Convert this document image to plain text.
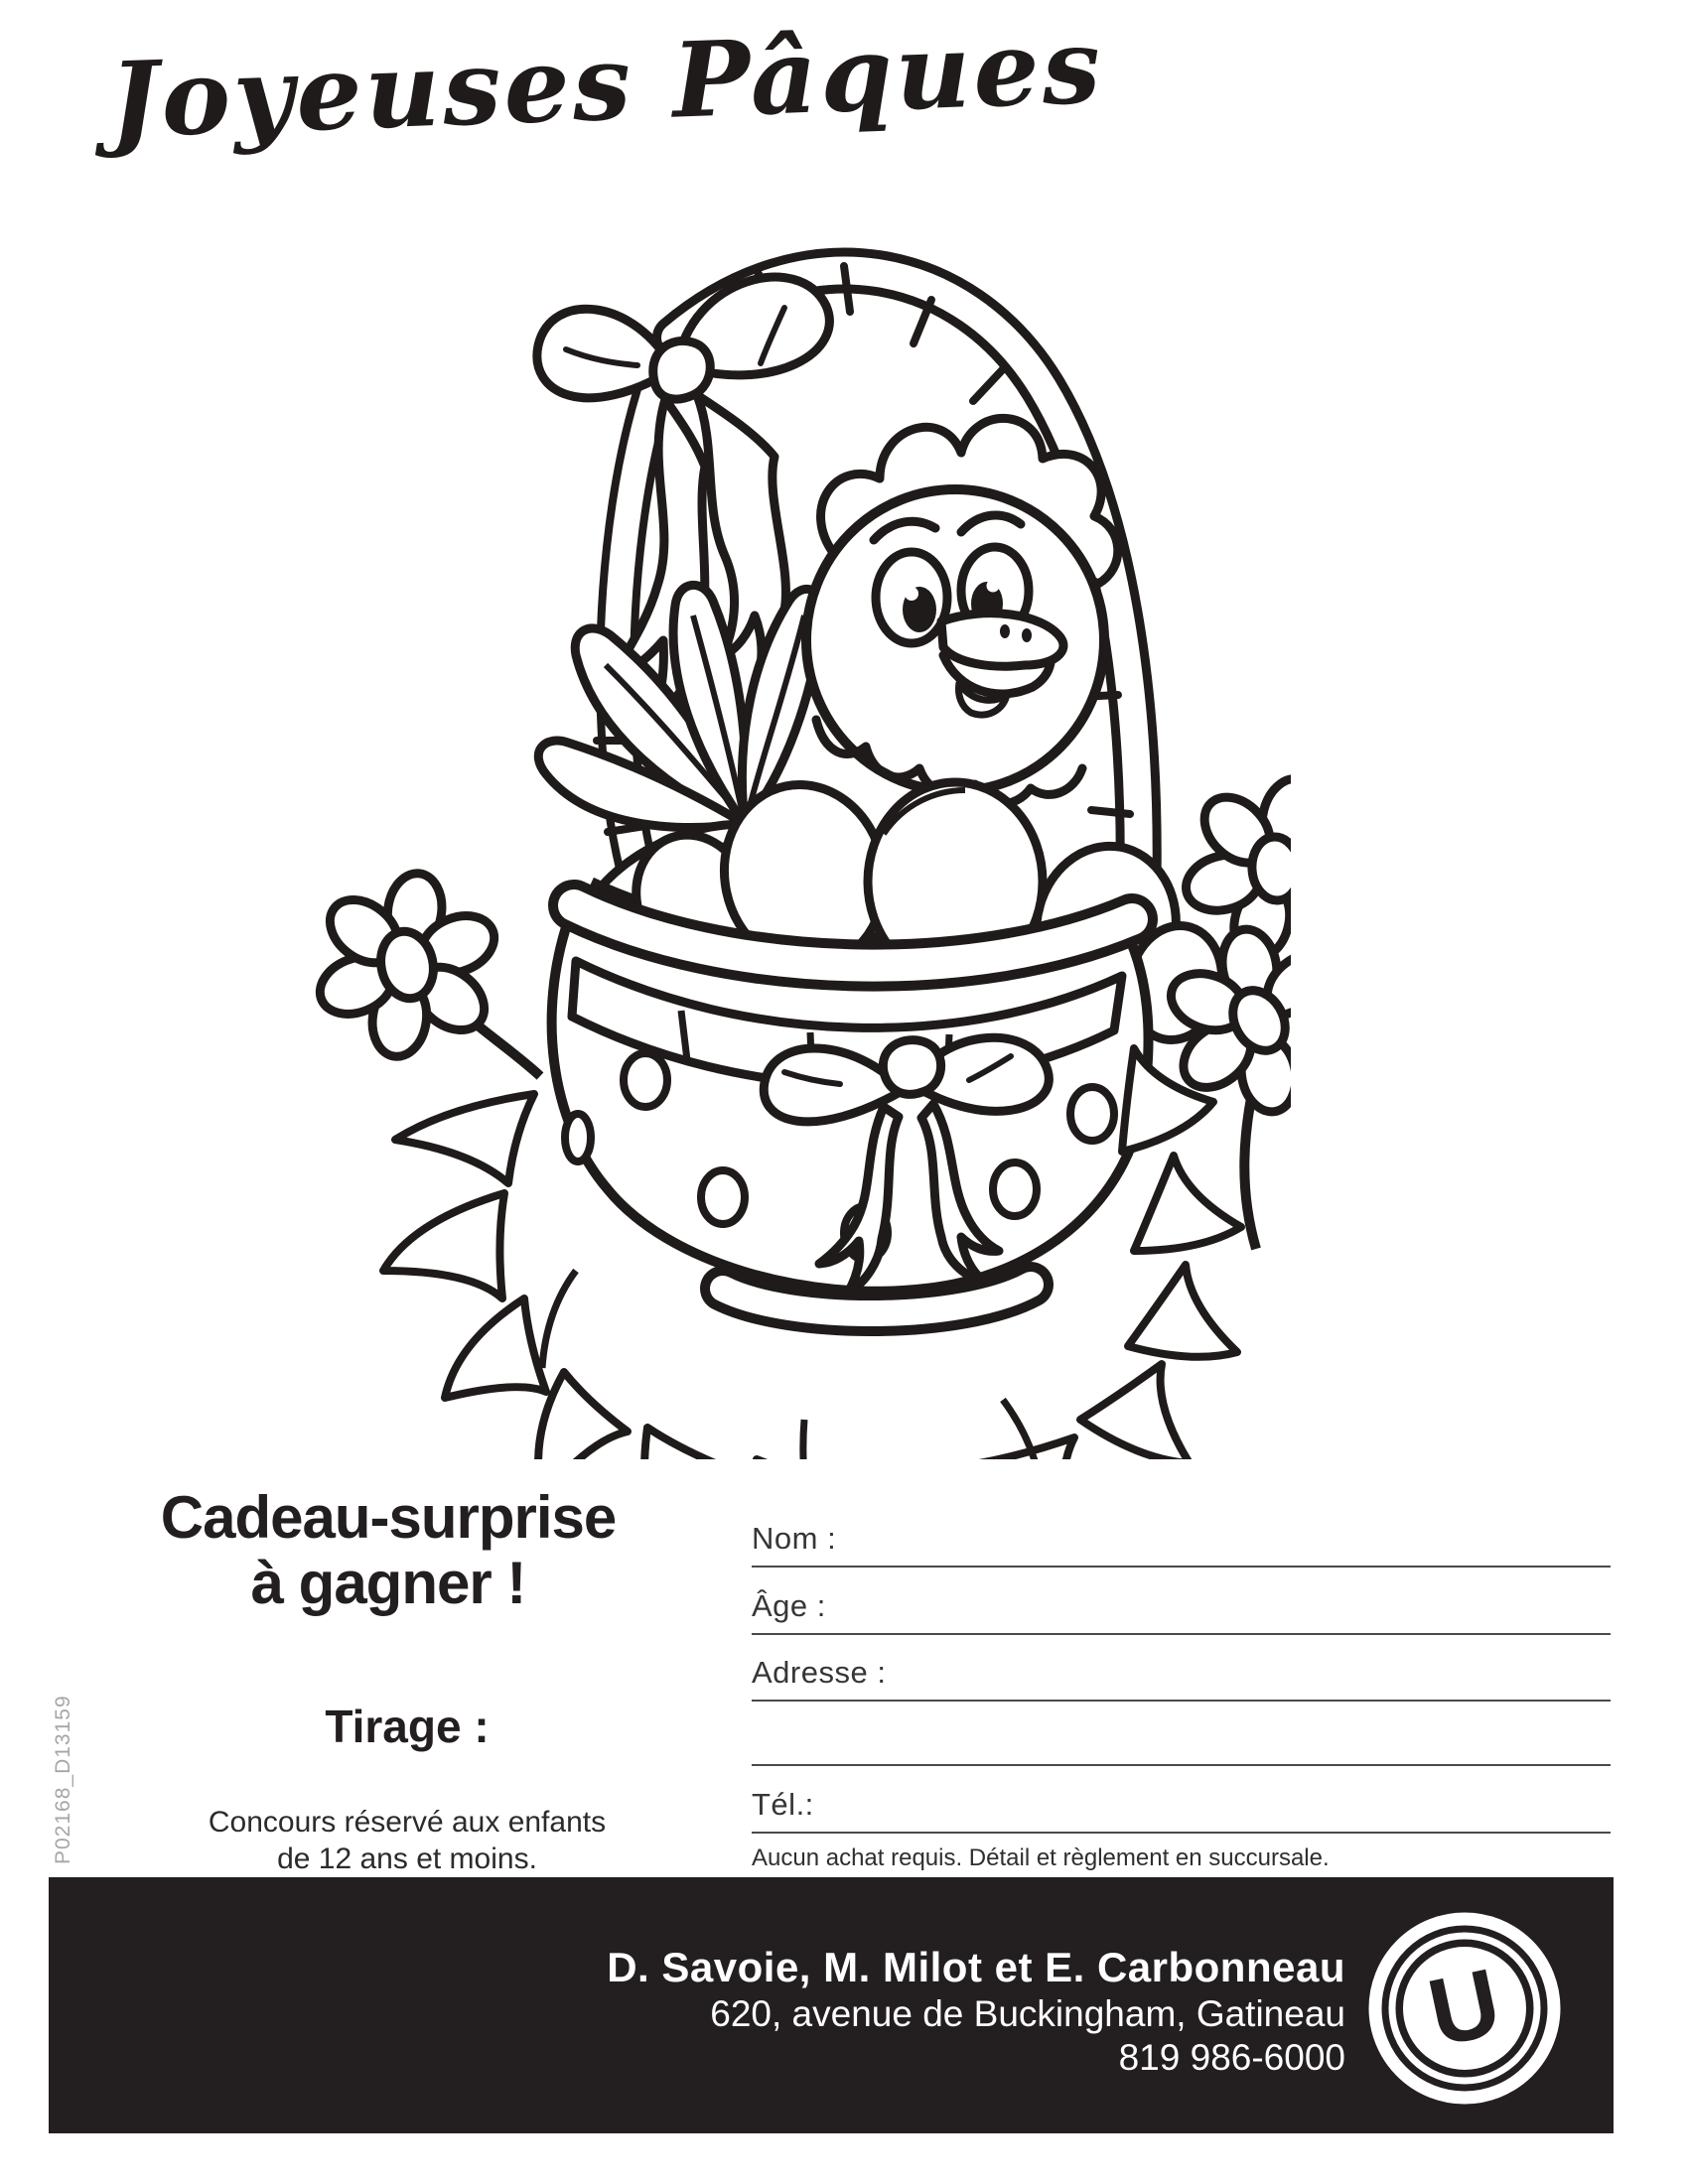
Joyeuses Pâques
Cadeau-surprise
à gagner !
Tirage :
Concours réservé aux enfants
de 12 ans et moins.
Nom :
Âge :
Adresse :
Tél.:
Aucun achat requis. Détail et règlement en succursale.
P02168_D13159
D. Savoie, M. Milot et E. Carbonneau
620, avenue de Buckingham, Gatineau
819 986-6000 U
